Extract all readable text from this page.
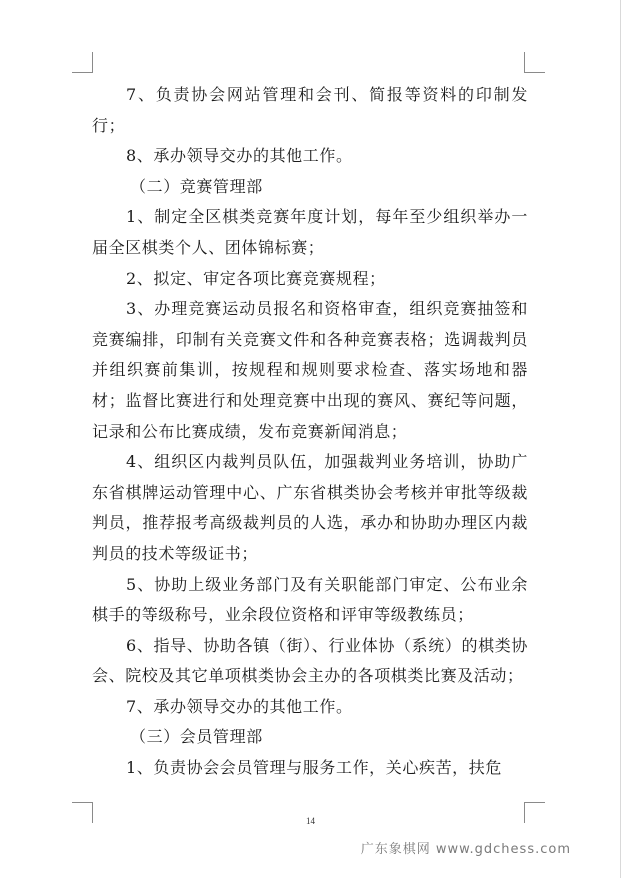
7、负责协会网站管理和会刊、简报等资料的印制发行；

8、承办领导交办的其他工作。

（二）竞赛管理部

1、制定全区棋类竞赛年度计划，每年至少组织举办一届全区棋类个人、团体锦标赛；

2、拟定、审定各项比赛竞赛规程；

3、办理竞赛运动员报名和资格审查，组织竞赛抽签和竞赛编排，印制有关竞赛文件和各种竞赛表格；选调裁判员并组织赛前集训，按规程和规则要求检查、落实场地和器材；监督比赛进行和处理竞赛中出现的赛风、赛纪等问题，记录和公布比赛成绩，发布竞赛新闻消息；

4、组织区内裁判员队伍，加强裁判业务培训，协助广东省棋牌运动管理中心、广东省棋类协会考核并审批等级裁判员，推荐报考高级裁判员的人选，承办和协助办理区内裁判员的技术等级证书；

5、协助上级业务部门及有关职能部门审定、公布业余棋手的等级称号，业余段位资格和评审等级教练员；

6、指导、协助各镇（街）、行业体协（系统）的棋类协会、院校及其它单项棋类协会主办的各项棋类比赛及活动；

7、承办领导交办的其他工作。

（三）会员管理部

1、负责协会会员管理与服务工作，关心疾苦，扶危

14
广东象棋网 www.gdchess.com
